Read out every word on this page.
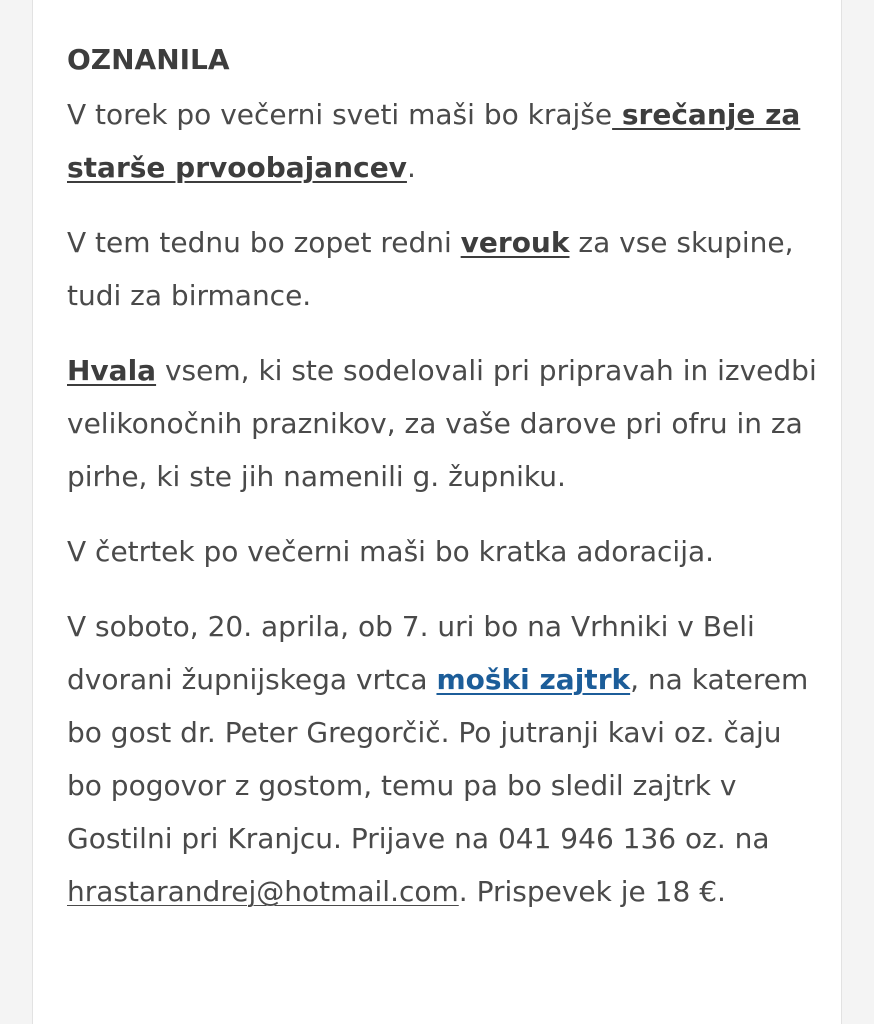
OZNANILA

V torek po večerni sveti maši bo krajše srečanje za starše prvoobajancev.

V tem tednu bo zopet redni verouk za vse skupine, tudi za birmance.

Hvala vsem, ki ste sodelovali pri pripravah in izvedbi velikonočnih praznikov, za vaše darove pri ofru in za pirhe, ki ste jih namenili g. župniku.

V četrtek po večerni maši bo kratka adoracija.

V soboto, 20. aprila, ob 7. uri bo na Vrhniki v Beli dvorani župnijskega vrtca moški zajtrk, na katerem bo gost dr. Peter Gregorčič. Po jutranji kavi oz. čaju bo pogovor z gostom, temu pa bo sledil zajtrk v Gostilni pri Kranjcu. Prijave na 041 946 136 oz. na hrastarandrej@hotmail.com. Prispevek je 18 €.
